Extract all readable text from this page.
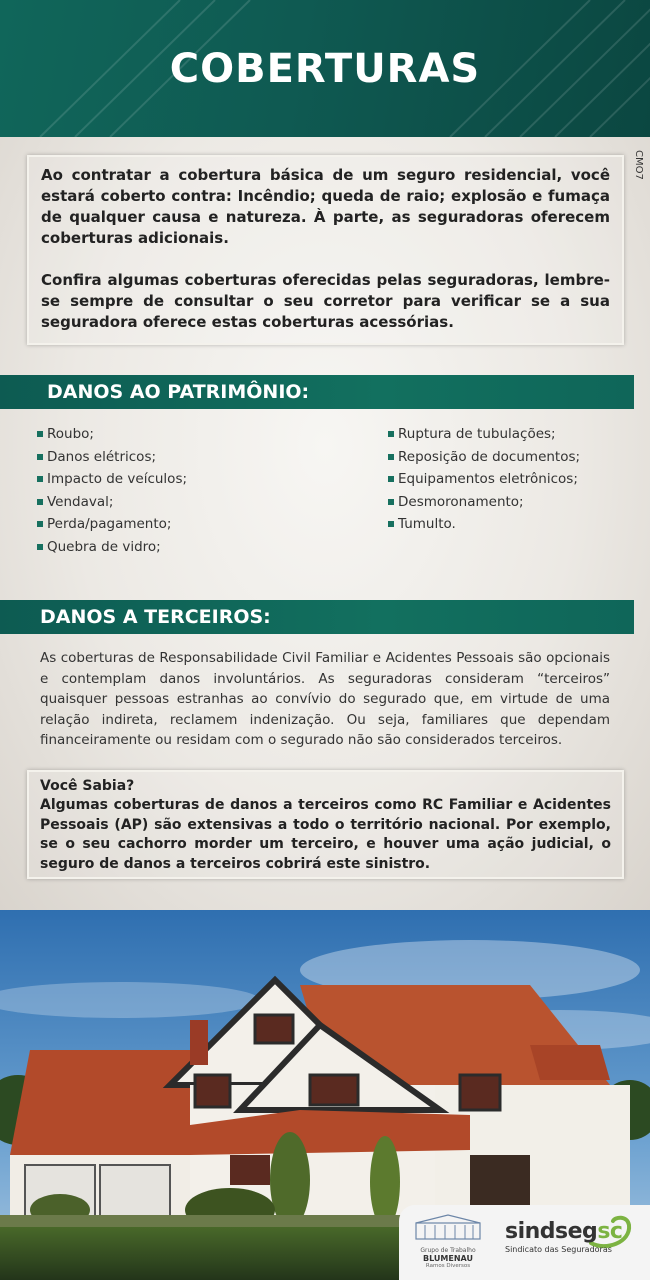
COBERTURAS
CMO7

Ao contratar a cobertura básica de um seguro residencial, você estará coberto contra: Incêndio; queda de raio; explosão e fumaça de qualquer causa e natureza. À parte, as seguradoras oferecem coberturas adicionais.

Confira algumas coberturas oferecidas pelas seguradoras, lembre-se sempre de consultar o seu corretor para verificar se a sua seguradora oferece estas coberturas acessórias.

DANOS AO PATRIMÔNIO:
Roubo;
Danos elétricos;
Impacto de veículos;
Vendaval;
Perda/pagamento;
Quebra de vidro;
Ruptura de tubulações;
Reposição de documentos;
Equipamentos eletrônicos;
Desmoronamento;
Tumulto.
DANOS A TERCEIROS:

As coberturas de Responsabilidade Civil Familiar e Acidentes Pessoais são opcionais e contemplam danos involuntários. As seguradoras consideram “terceiros” quaisquer pessoas estranhas ao convívio do segurado que, em virtude de uma relação indireta, reclamem indenização. Ou seja, familiares que dependam financeiramente ou residam com o segurado não são considerados terceiros.

Você Sabia?

Algumas coberturas de danos a terceiros como RC Familiar e Acidentes Pessoais (AP) são extensivas a todo o território nacional. Por exemplo, se o seu cachorro morder um terceiro, e houver uma ação judicial, o seguro de danos a terceiros cobrirá este sinistro.

Grupo de Trabalho
BLUMENAU
Ramos Diversos
sindsegsc
Sindicato das Seguradoras
